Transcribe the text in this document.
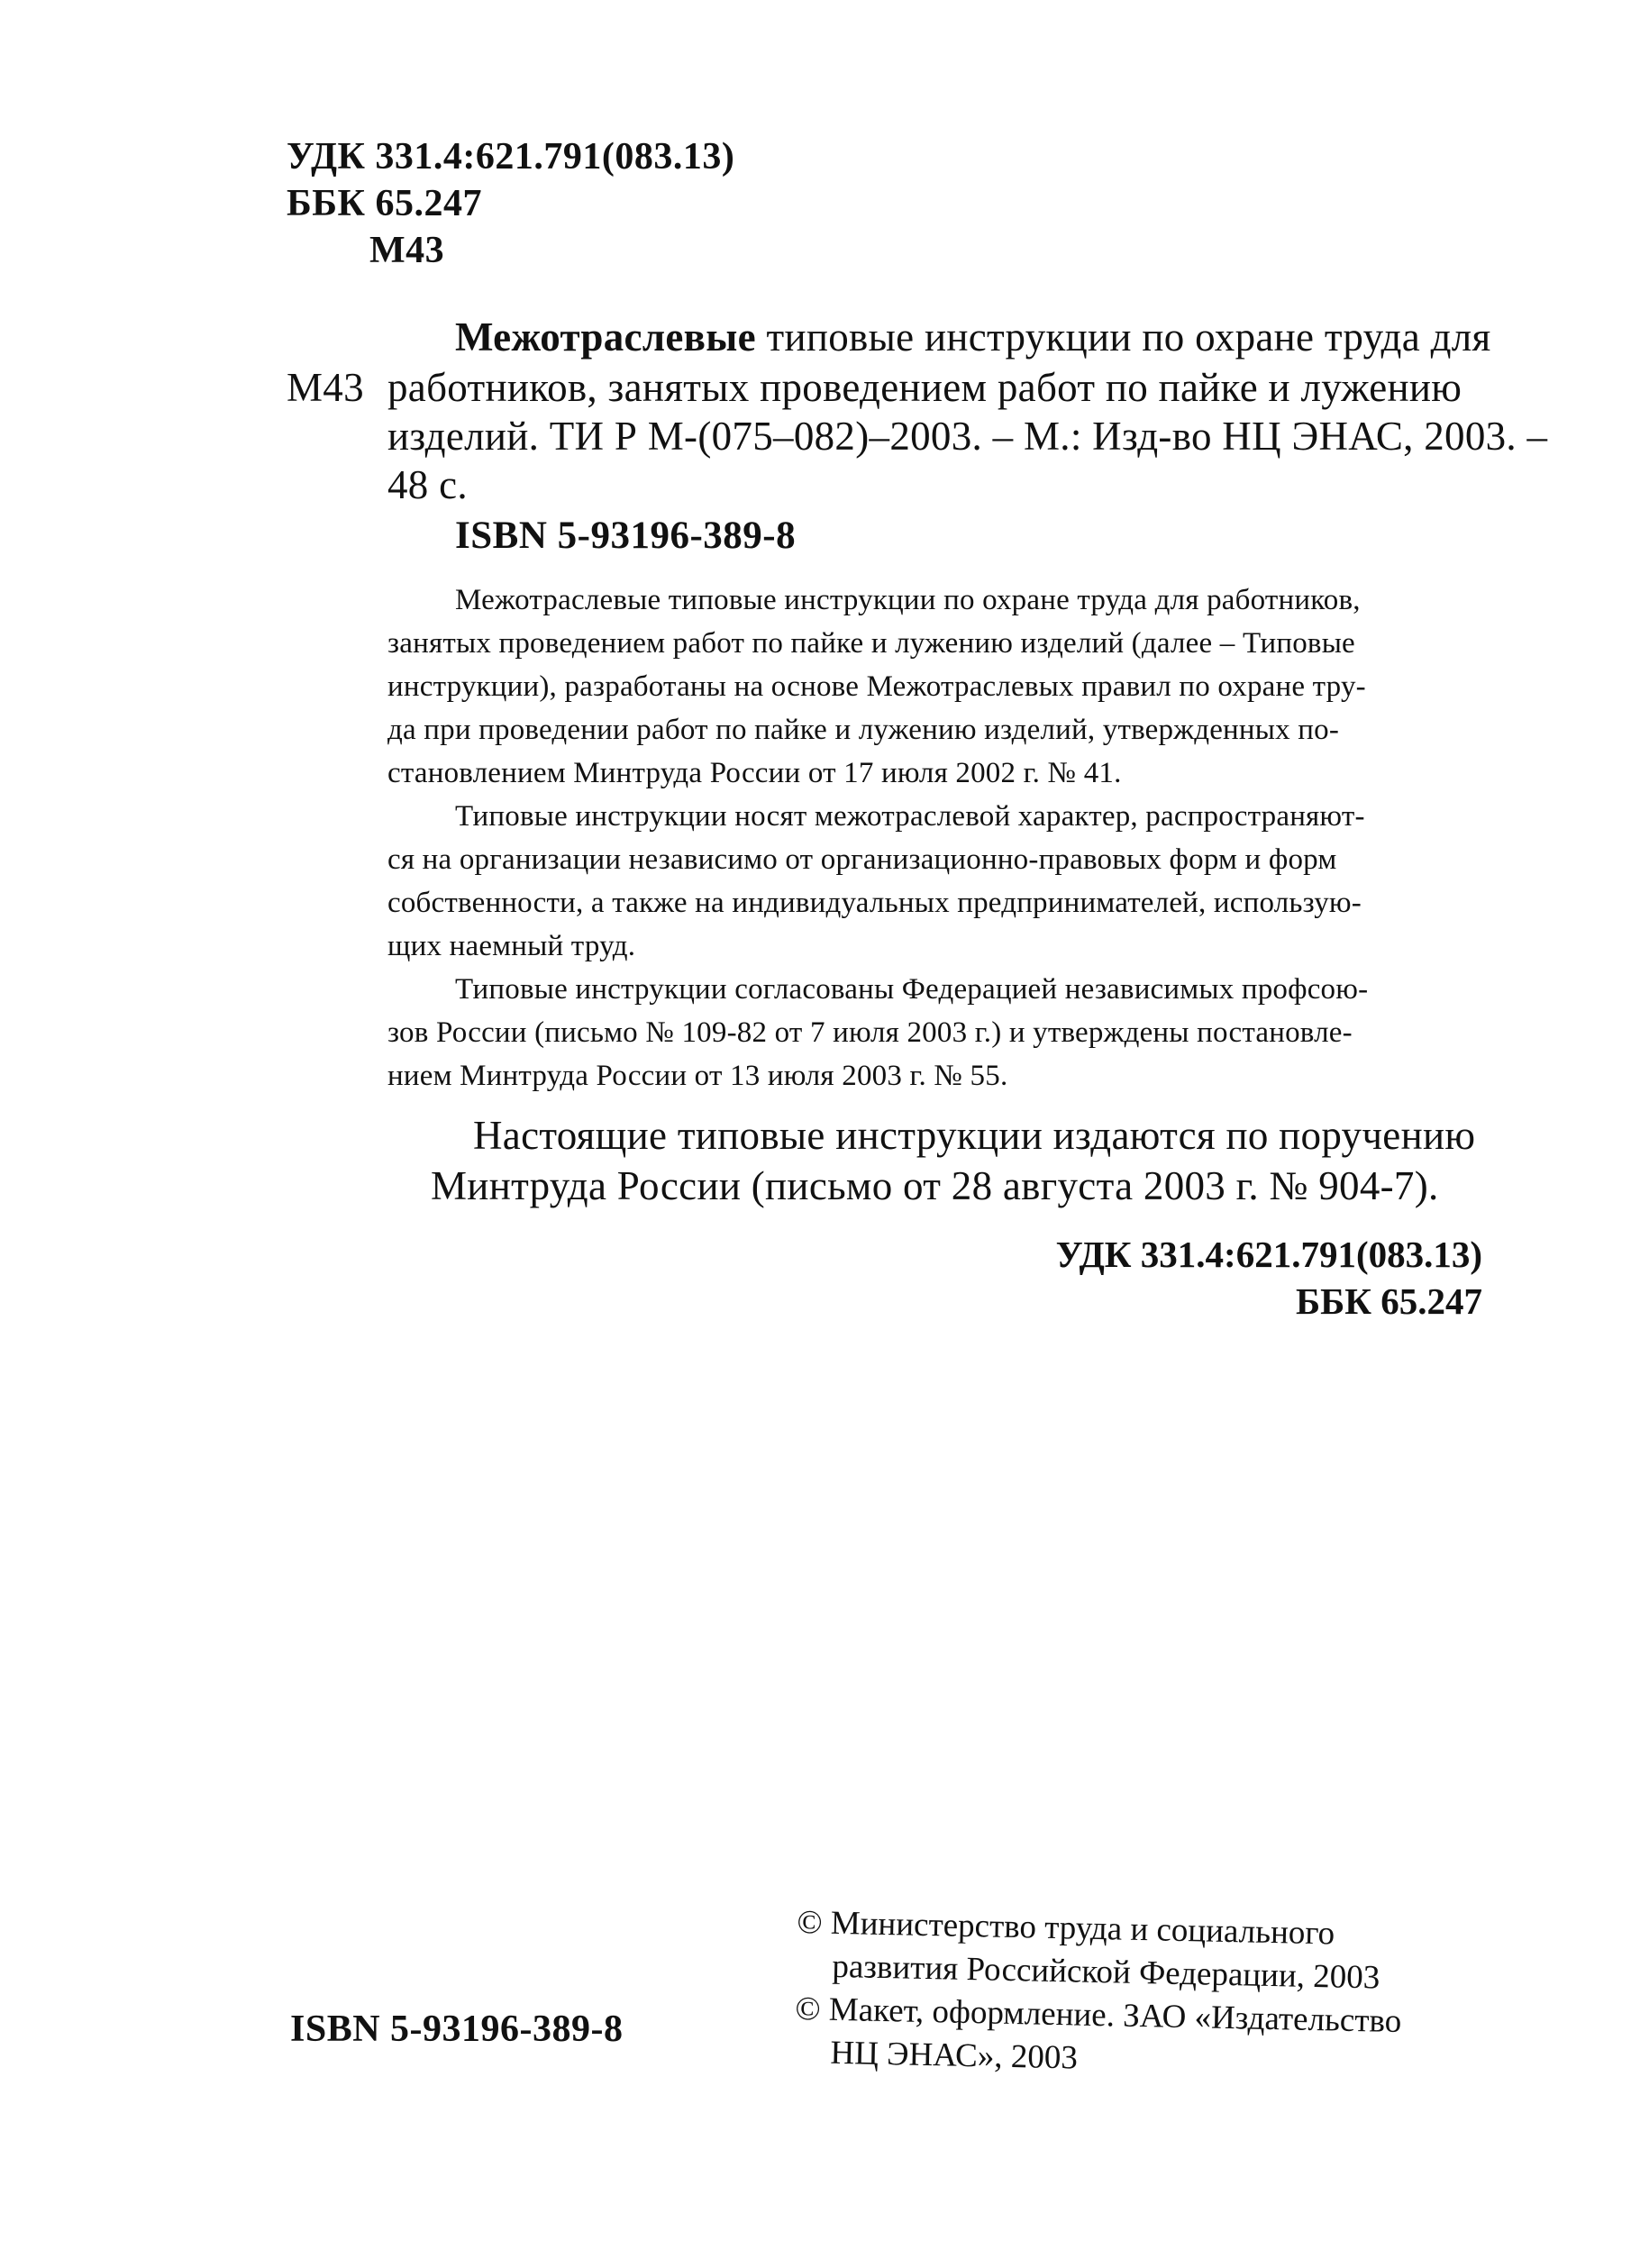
УДК 331.4:621.791(083.13)
ББК 65.247
М43
Межотраслевые типовые инструкции по охране труда для
М43 работников, занятых проведением работ по пайке и лужению
изделий. ТИ Р М-(075–082)–2003. – М.: Изд-во НЦ ЭНАС, 2003. –
48 с.
ISBN 5-93196-389-8
Межотраслевые типовые инструкции по охране труда для работников,
занятых проведением работ по пайке и лужению изделий (далее – Типовые
инструкции), разработаны на основе Межотраслевых правил по охране тру-
да при проведении работ по пайке и лужению изделий, утвержденных по-
становлением Минтруда России от 17 июля 2002 г. № 41.
Типовые инструкции носят межотраслевой характер, распространяют-
ся на организации независимо от организационно-правовых форм и форм
собственности, а также на индивидуальных предпринимателей, использую-
щих наемный труд.
Типовые инструкции согласованы Федерацией независимых профсою-
зов России (письмо № 109-82 от 7 июля 2003 г.) и утверждены постановле-
нием Минтруда России от 13 июля 2003 г. № 55.
Настоящие типовые инструкции издаются по поручению
Минтруда России (письмо от 28 августа 2003 г. № 904-7).
УДК 331.4:621.791(083.13)
ББК 65.247
© Министерство труда и социального
развития Российской Федерации, 2003
© Макет, оформление. ЗАО «Издательство
НЦ ЭНАС», 2003
ISBN 5-93196-389-8
